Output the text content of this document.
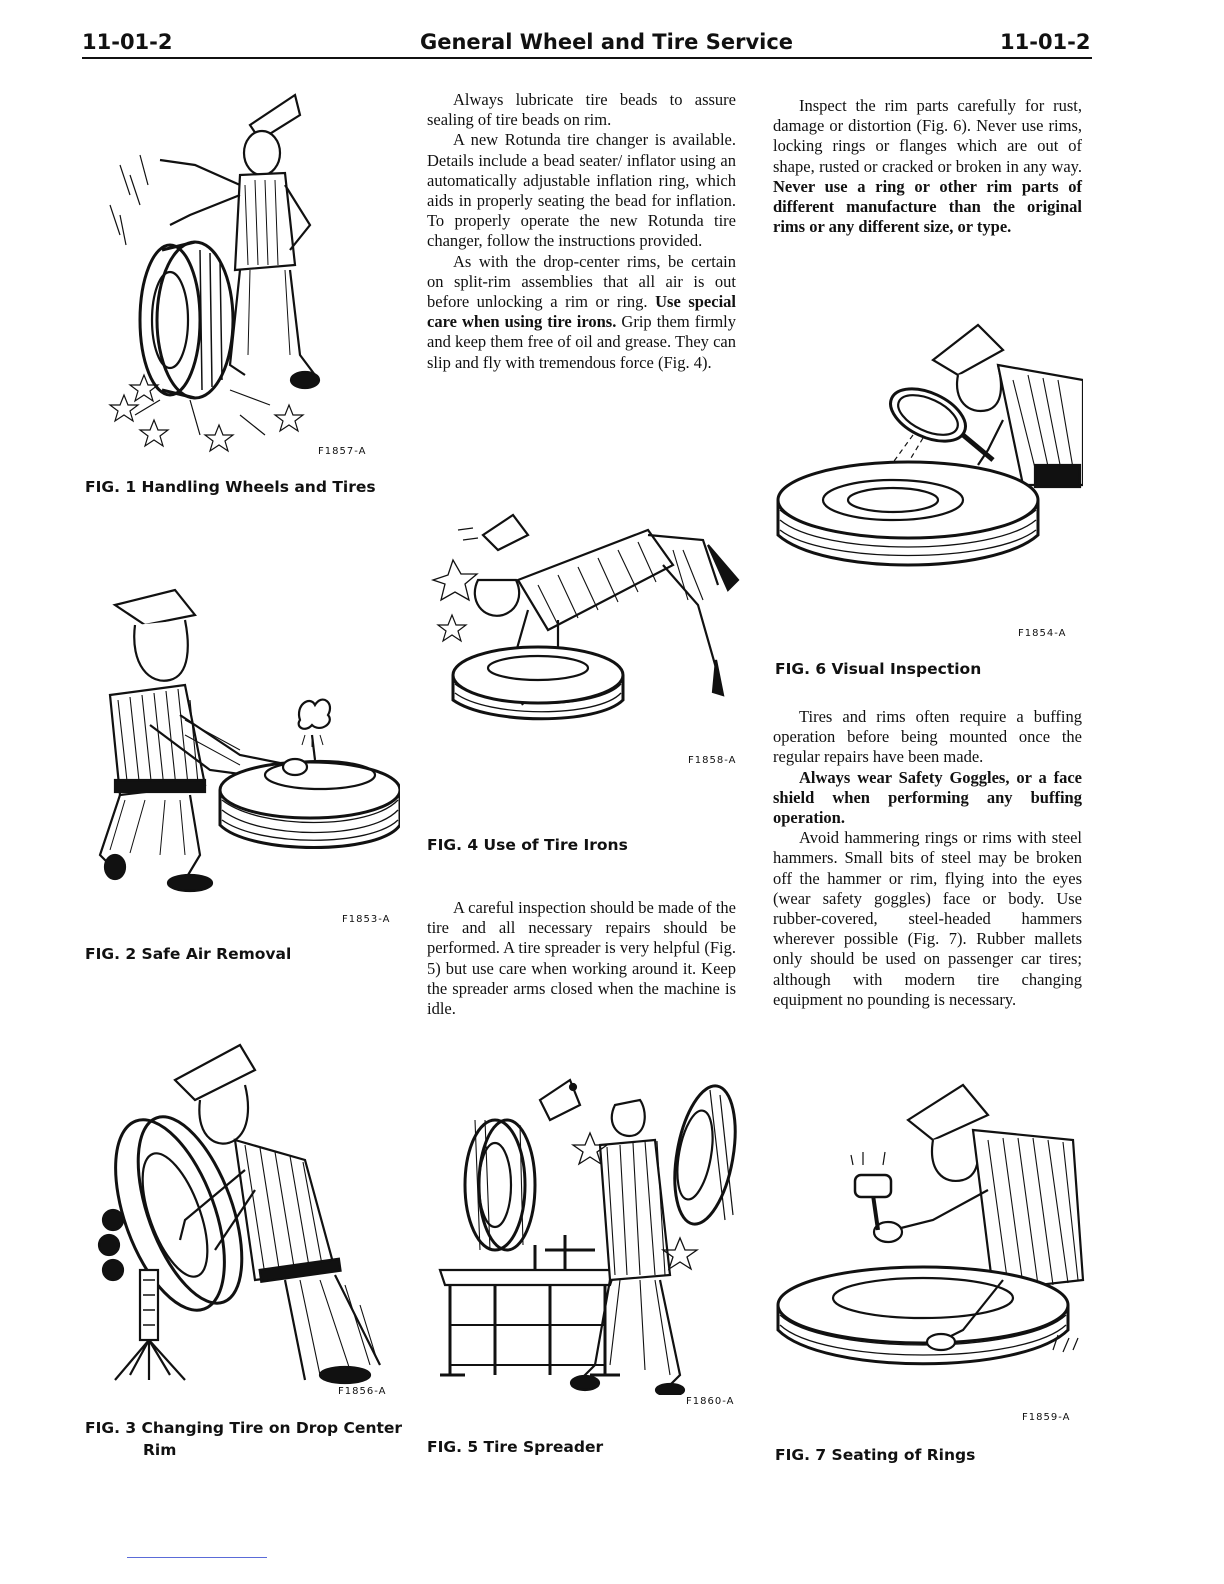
11-01-2	General Wheel and Tire Service	11-01-2
F1857-A
FIG. 1 Handling Wheels and Tires
F1853-A
FIG. 2 Safe Air Removal
F1856-A
FIG. 3 Changing Tire on Drop Center
Rim

Always lubricate tire beads to assure sealing of tire beads on rim.

A new Rotunda tire changer is available. Details include a bead seater/ inflator using an automatically adjustable inflation ring, which aids in properly seating the bead for inflation. To properly operate the new Rotunda tire changer, follow the instructions provided.

As with the drop-center rims, be certain on split-rim assemblies that all air is out before unlocking a rim or ring. Use special care when using tire irons. Grip them firmly and keep them free of oil and grease. They can slip and fly with tremendous force (Fig. 4).

F1858-A
FIG. 4 Use of Tire Irons

A careful inspection should be made of the tire and all necessary repairs should be performed. A tire spreader is very helpful (Fig. 5) but use care when working around it. Keep the spreader arms closed when the machine is idle.

F1860-A
FIG. 5 Tire Spreader

Inspect the rim parts carefully for rust, damage or distortion (Fig. 6). Never use rims, locking rings or flanges which are out of shape, rusted or cracked or broken in any way. Never use a ring or other rim parts of different manufacture than the original rims or any different size, or type.

F1854-A
FIG. 6 Visual Inspection

Tires and rims often require a buffing operation before being mounted once the regular repairs have been made.

Always wear Safety Goggles, or a face shield when performing any buffing operation.

Avoid hammering rings or rims with steel hammers. Small bits of steel may be broken off the hammer or rim, flying into the eyes (wear safety goggles) face or body. Use rubber-covered, steel-headed hammers wherever possible (Fig. 7). Rubber mallets only should be used on passenger car tires; although with modern tire changing equipment no pounding is necessary.

F1859-A
FIG. 7 Seating of Rings
